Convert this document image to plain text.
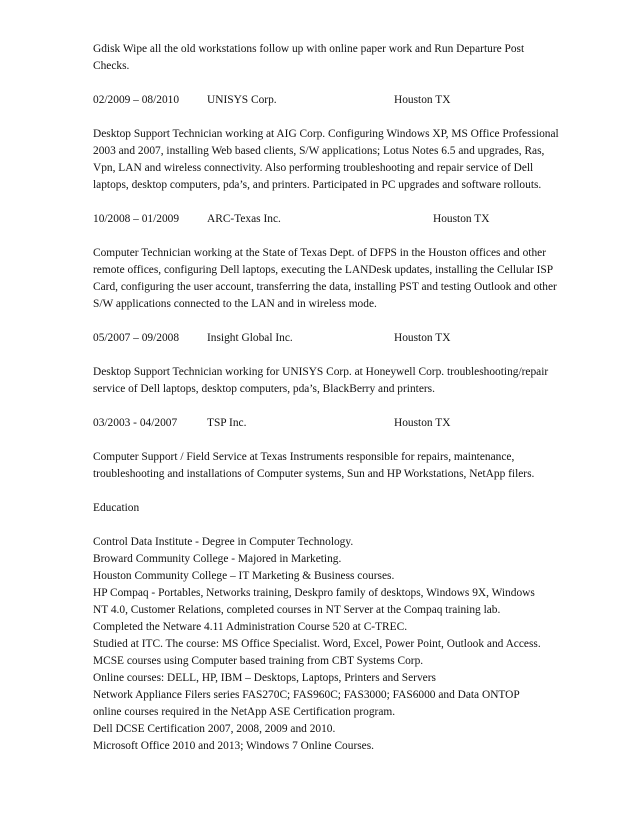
Gdisk Wipe all the old workstations follow up with online paper work and Run Departure Post Checks.

02/2009 – 08/2010 UNISYS Corp.	Houston TX

Desktop Support Technician working at AIG Corp. Configuring Windows XP, MS Office Professional 2003 and 2007, installing Web based clients, S/W applications; Lotus Notes 6.5 and upgrades, Ras, Vpn, LAN and wireless connectivity. Also performing troubleshooting and repair service of Dell laptops, desktop computers, pda’s, and printers. Participated in PC upgrades and software rollouts.

10/2008 – 01/2009 ARC-Texas Inc.	Houston TX

Computer Technician working at the State of Texas Dept. of DFPS in the Houston offices and other remote offices, configuring Dell laptops, executing the LANDesk updates, installing the Cellular ISP Card, configuring the user account, transferring the data, installing PST and testing Outlook and other S/W applications connected to the LAN and in wireless mode.

05/2007 – 09/2008 Insight Global Inc.	Houston TX

Desktop Support Technician working for UNISYS Corp. at Honeywell Corp. troubleshooting/repair service of Dell laptops, desktop computers, pda’s, BlackBerry and printers.

03/2003 - 04/2007	TSP Inc.	Houston TX

Computer Support / Field Service at Texas Instruments responsible for repairs, maintenance, troubleshooting and installations of Computer systems, Sun and HP Workstations, NetApp filers.

Education

Control Data Institute - Degree in Computer Technology.
Broward Community College - Majored in Marketing.
Houston Community College – IT Marketing & Business courses.
HP Compaq - Portables, Networks training, Deskpro family of desktops, Windows 9X, Windows
NT 4.0, Customer Relations, completed courses in NT Server at the Compaq training lab.
Completed the Netware 4.11 Administration Course 520 at C-TREC.
Studied at ITC. The course: MS Office Specialist. Word, Excel, Power Point, Outlook and Access.
MCSE courses using Computer based training from CBT Systems Corp.
Online courses: DELL, HP, IBM – Desktops, Laptops, Printers and Servers
Network Appliance Filers series FAS270C; FAS960C; FAS3000; FAS6000 and Data ONTOP
online courses required in the NetApp ASE Certification program.
Dell DCSE Certification 2007, 2008, 2009 and 2010.
Microsoft Office 2010 and 2013; Windows 7 Online Courses.
